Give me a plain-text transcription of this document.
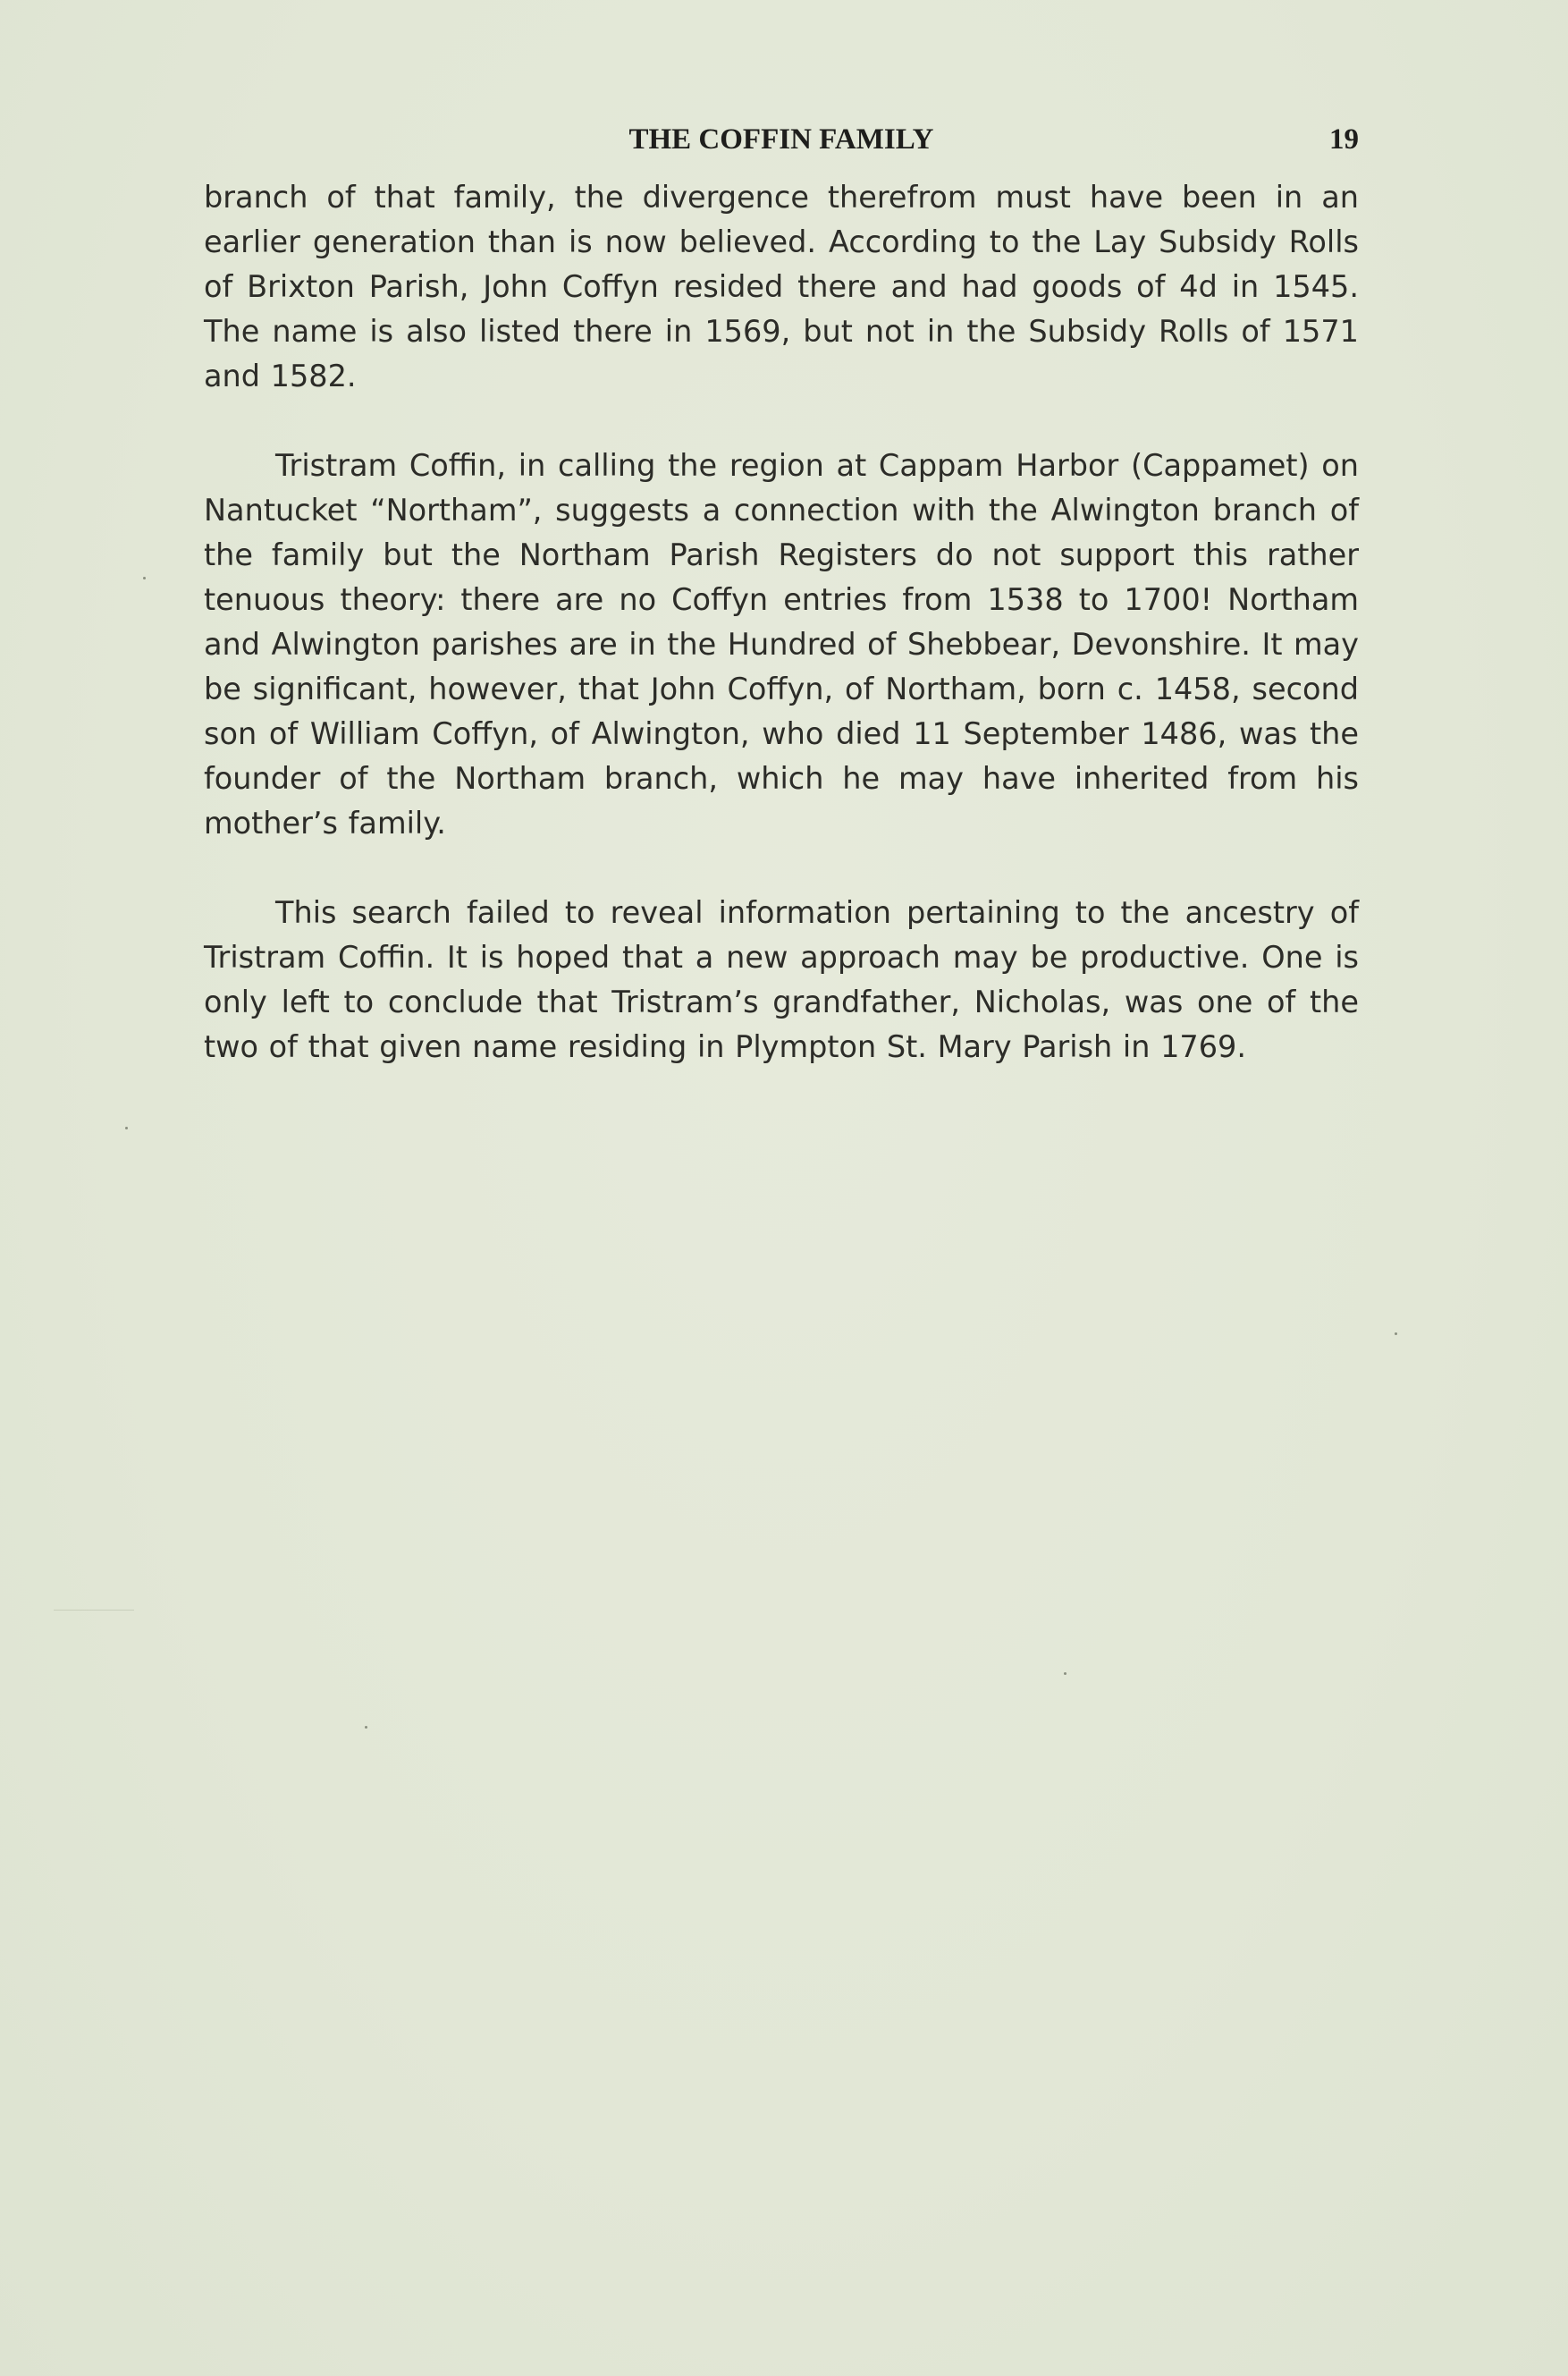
THE COFFIN FAMILY	19

branch of that family, the divergence therefrom must have been in an earlier generation than is now believed. According to the Lay Subsidy Rolls of Brixton Parish, John Coffyn resided there and had goods of 4d in 1545. The name is also listed there in 1569, but not in the Subsidy Rolls of 1571 and 1582.

Tristram Coffin, in calling the region at Cappam Harbor (Cappamet) on Nantucket “Northam”, suggests a connection with the Alwington branch of the family but the Northam Parish Registers do not support this rather tenuous theory: there are no Coffyn entries from 1538 to 1700! Northam and Alwington parishes are in the Hundred of Shebbear, Devonshire. It may be significant, however, that John Coffyn, of Northam, born c. 1458, second son of William Coffyn, of Alwington, who died 11 September 1486, was the founder of the Northam branch, which he may have inherited from his mother’s family.

This search failed to reveal information pertaining to the ancestry of Tristram Coffin. It is hoped that a new approach may be productive. One is only left to conclude that Tristram’s grandfather, Nicholas, was one of the two of that given name residing in Plympton St. Mary Parish in 1769.
